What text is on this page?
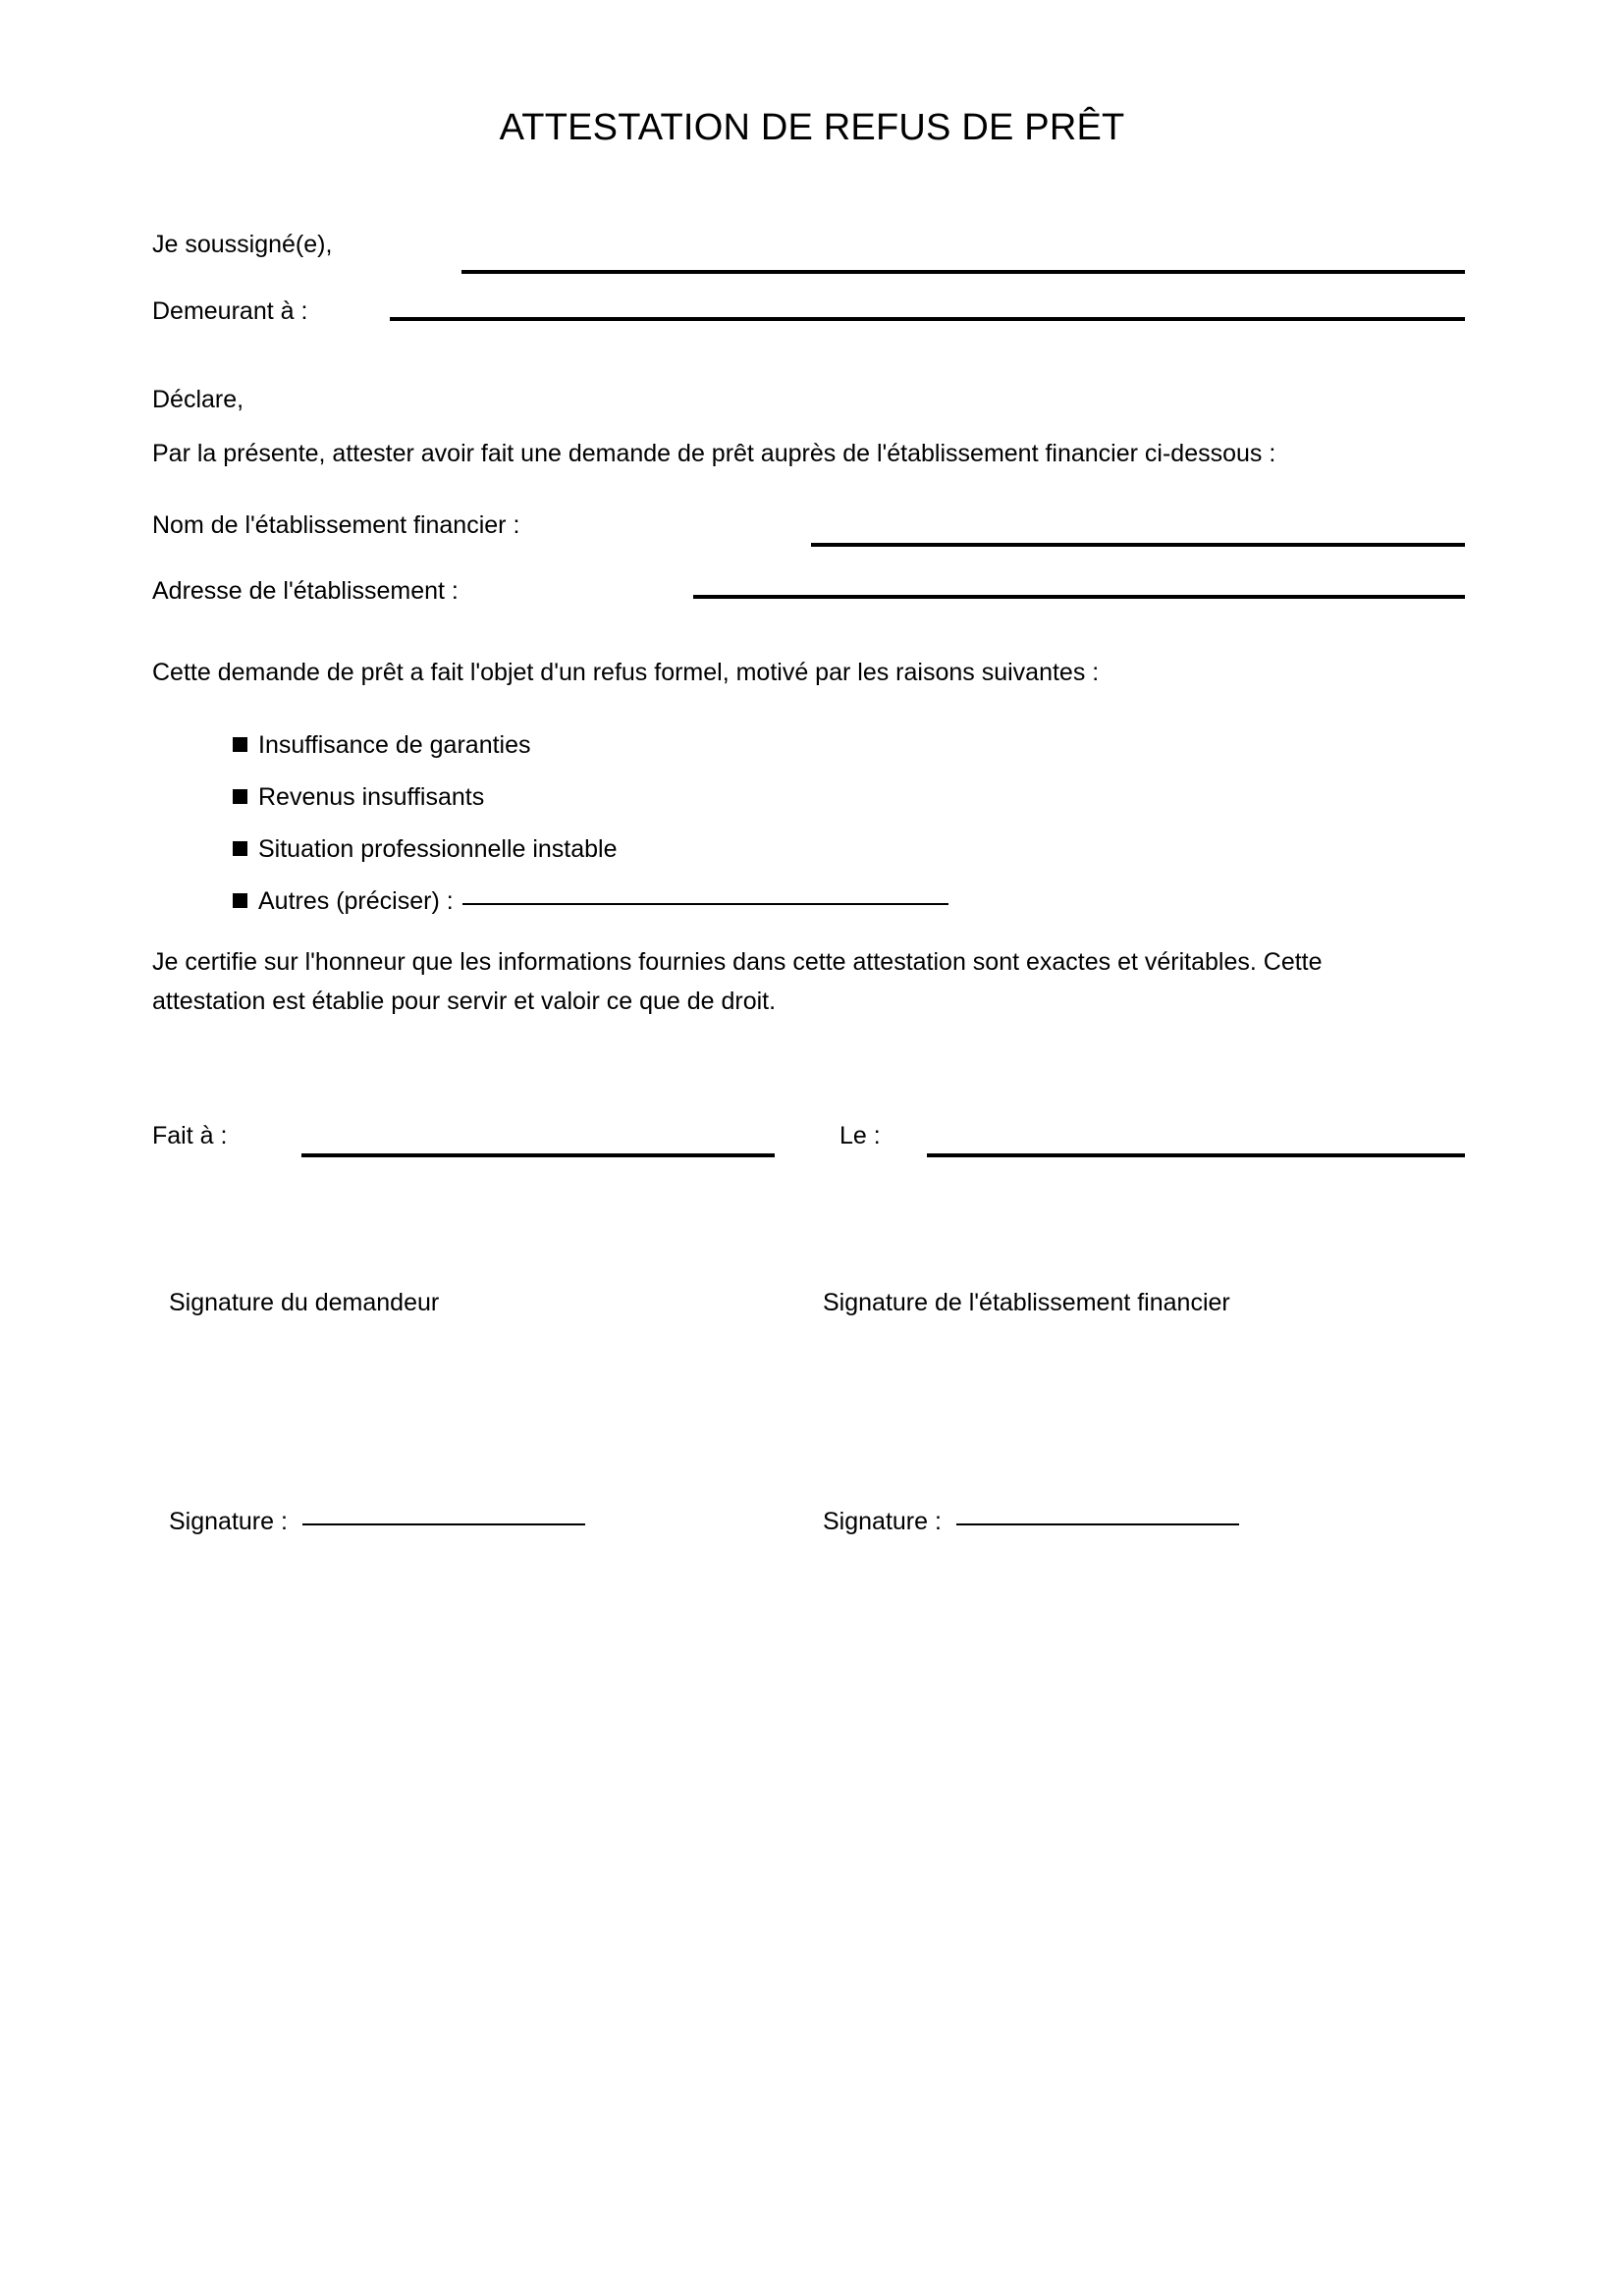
ATTESTATION DE REFUS DE PRÊT
Je soussigné(e),
Demeurant à :
Déclare,
Par la présente, attester avoir fait une demande de prêt auprès de l'établissement financier ci-dessous :
Nom de l'établissement financier :
Adresse de l'établissement :
Cette demande de prêt a fait l'objet d'un refus formel, motivé par les raisons suivantes :
Insuffisance de garanties
Revenus insuffisants
Situation professionnelle instable
Autres (préciser) :
Je certifie sur l'honneur que les informations fournies dans cette attestation sont exactes et véritables. Cette
attestation est établie pour servir et valoir ce que de droit.
Fait à :	Le :
Signature du demandeur	Signature de l'établissement financier
Signature :	Signature :
